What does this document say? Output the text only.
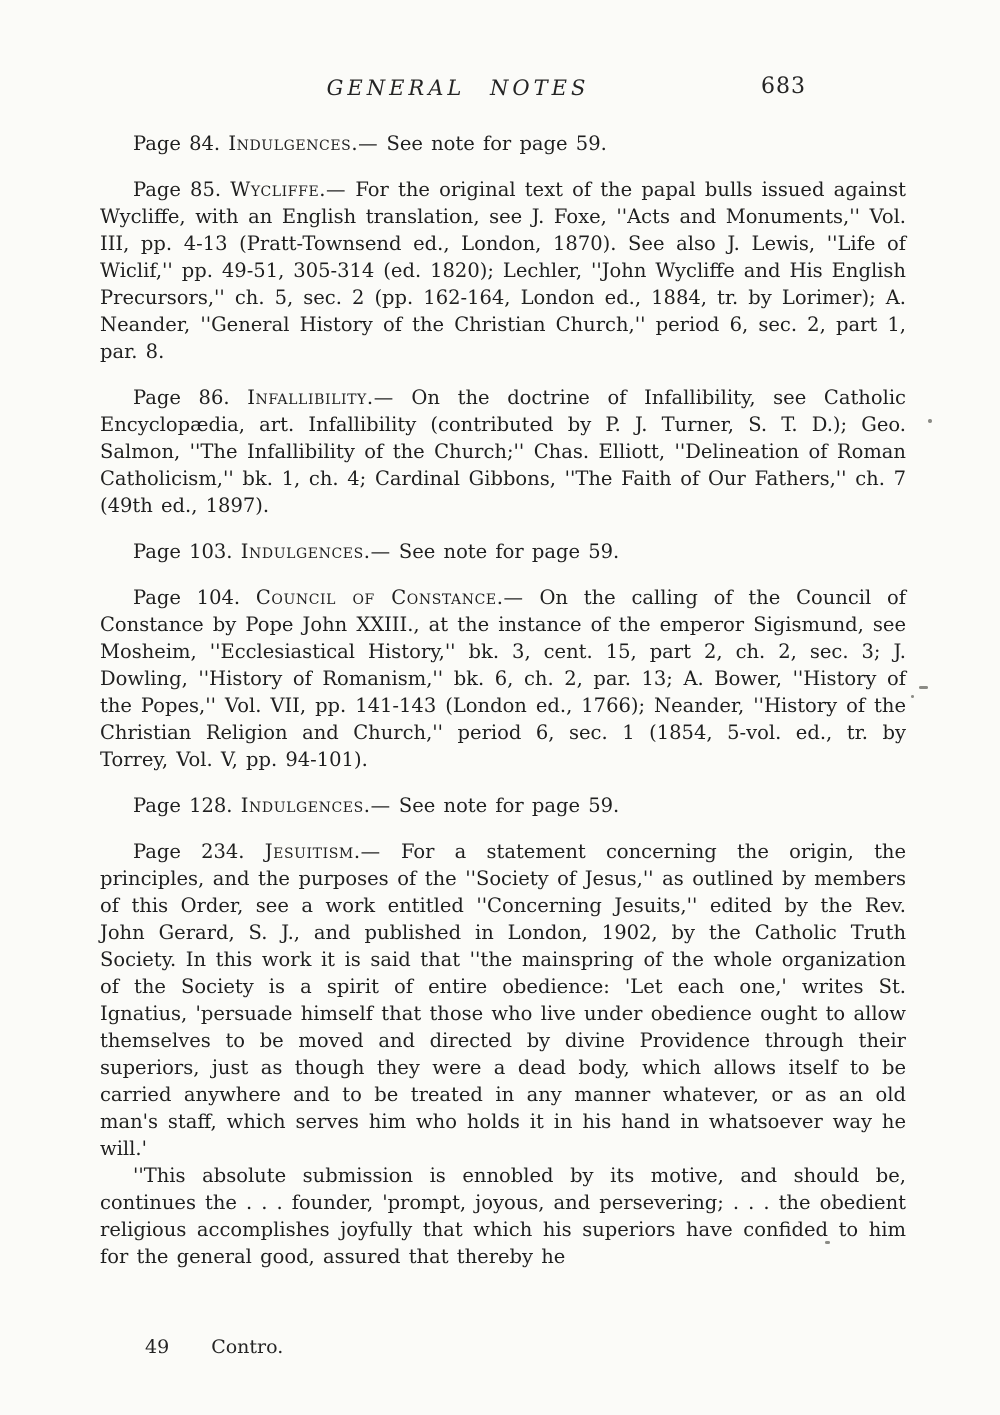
GENERAL NOTES	683

Page 84. Indulgences.— See note for page 59.

Page 85. Wycliffe.— For the original text of the papal bulls issued against Wycliffe, with an English translation, see J. Foxe, ''Acts and Monuments,'' Vol. III, pp. 4-13 (Pratt-Townsend ed., London, 1870). See also J. Lewis, ''Life of Wiclif,'' pp. 49-51, 305-314 (ed. 1820); Lechler, ''John Wycliffe and His English Precursors,'' ch. 5, sec. 2 (pp. 162-164, London ed., 1884, tr. by Lorimer); A. Neander, ''General History of the Christian Church,'' period 6, sec. 2, part 1, par. 8.

Page 86. Infallibility.— On the doctrine of Infallibility, see Catholic Encyclopædia, art. Infallibility (contributed by P. J. Turner, S. T. D.); Geo. Salmon, ''The Infallibility of the Church;'' Chas. Elliott, ''Delineation of Roman Catholicism,'' bk. 1, ch. 4; Cardinal Gibbons, ''The Faith of Our Fathers,'' ch. 7 (49th ed., 1897).

Page 103. Indulgences.— See note for page 59.

Page 104. Council of Constance.— On the calling of the Council of Constance by Pope John XXIII., at the instance of the emperor Sigismund, see Mosheim, ''Ecclesiastical History,'' bk. 3, cent. 15, part 2, ch. 2, sec. 3; J. Dowling, ''History of Romanism,'' bk. 6, ch. 2, par. 13; A. Bower, ''History of the Popes,'' Vol. VII, pp. 141-143 (London ed., 1766); Neander, ''History of the Christian Religion and Church,'' period 6, sec. 1 (1854, 5-vol. ed., tr. by Torrey, Vol. V, pp. 94-101).

Page 128. Indulgences.— See note for page 59.

Page 234. Jesuitism.— For a statement concerning the origin, the principles, and the purposes of the ''Society of Jesus,'' as outlined by members of this Order, see a work entitled ''Concerning Jesuits,'' edited by the Rev. John Gerard, S. J., and published in London, 1902, by the Catholic Truth Society. In this work it is said that ''the mainspring of the whole organization of the Society is a spirit of entire obedience: 'Let each one,' writes St. Ignatius, 'persuade himself that those who live under obedience ought to allow themselves to be moved and directed by divine Providence through their superiors, just as though they were a dead body, which allows itself to be carried anywhere and to be treated in any manner whatever, or as an old man's staff, which serves him who holds it in his hand in whatsoever way he will.'

''This absolute submission is ennobled by its motive, and should be, continues the . . . founder, 'prompt, joyous, and persevering; . . . the obedient religious accomplishes joyfully that which his superiors have confided to him for the general good, assured that thereby he

49 Contro.
